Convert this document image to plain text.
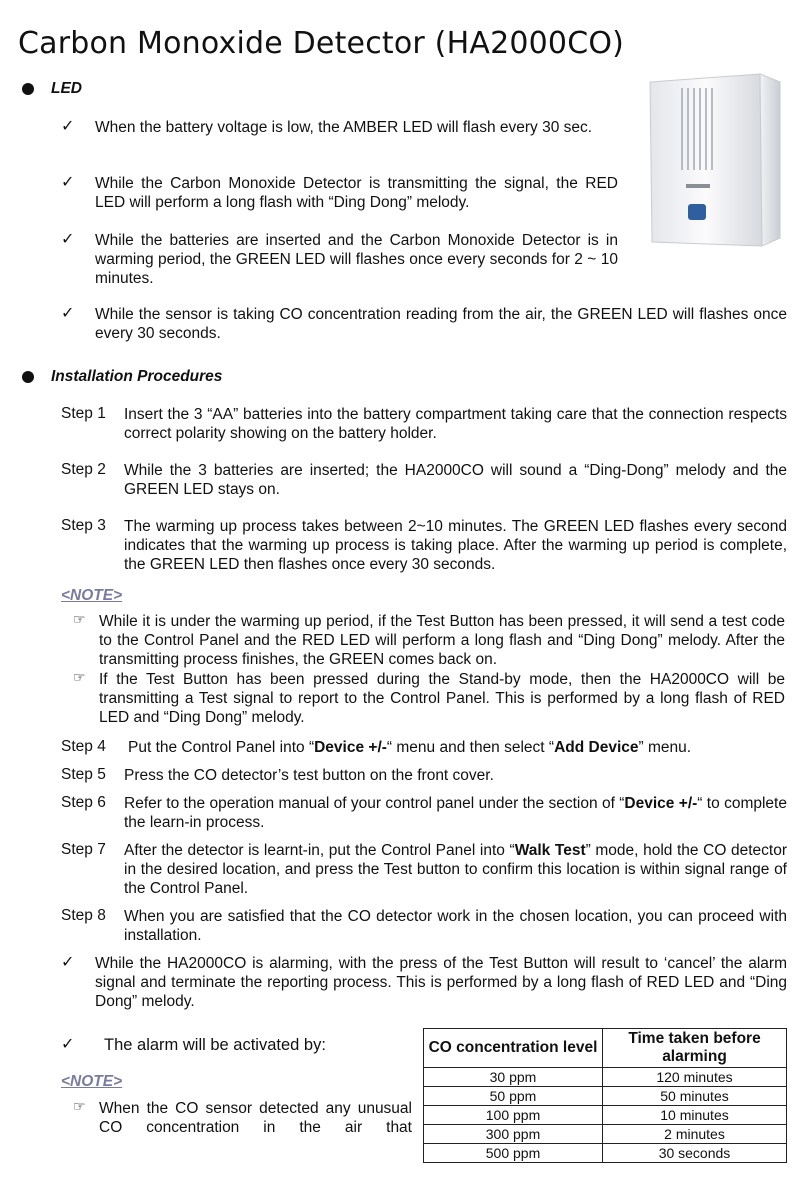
Carbon Monoxide Detector (HA2000CO)
LED
✓ When the battery voltage is low, the AMBER LED will flash every 30 sec.

✓ While the Carbon Monoxide Detector is transmitting the signal, the RED LED will perform a long flash with “Ding Dong” melody.

✓ While the batteries are inserted and the Carbon Monoxide Detector is in warming period, the GREEN LED will flashes once every seconds for 2 ~ 10 minutes.

✓ While the sensor is taking CO concentration reading from the air, the GREEN LED will flashes once every 30 seconds.

Installation Procedures
Step 1 Insert the 3 “AA” batteries into the battery compartment taking care that the connection respects correct polarity showing on the battery holder.

Step 2 While the 3 batteries are inserted; the HA2000CO will sound a “Ding-Dong” melody and the GREEN LED stays on.

Step 3 The warming up process takes between 2~10 minutes. The GREEN LED flashes every second indicates that the warming up process is taking place. After the warming up period is complete, the GREEN LED then flashes once every 30 seconds.

<NOTE>
☞ While it is under the warming up period, if the Test Button has been pressed, it will send a test code to the Control Panel and the RED LED will perform a long flash and “Ding Dong” melody. After the transmitting process finishes, the GREEN comes back on.

☞ If the Test Button has been pressed during the Stand-by mode, then the HA2000CO will be transmitting a Test signal to report to the Control Panel. This is performed by a long flash of RED LED and “Ding Dong” melody.

Step 4 Put the Control Panel into “Device +/-“ menu and then select “Add Device” menu.

Step 5 Press the CO detector’s test button on the front cover.

Step 6 Refer to the operation manual of your control panel under the section of “Device +/-“ to complete the learn-in process.

Step 7 After the detector is learnt-in, put the Control Panel into “Walk Test” mode, hold the CO detector in the desired location, and press the Test button to confirm this location is within signal range of the Control Panel.

Step 8 When you are satisfied that the CO detector work in the chosen location, you can proceed with installation.

✓ While the HA2000CO is alarming, with the press of the Test Button will result to ‘cancel’ the alarm signal and terminate the reporting process. This is performed by a long flash of RED LED and “Ding Dong” melody.

✓ The alarm will be activated by:
<NOTE>
☞ When the CO sensor detected any unusual CO concentration in the air that

CO concentration level	Time taken before alarming
30 ppm	120 minutes
50 ppm	50 minutes
100 ppm	10 minutes
300 ppm	2 minutes
500 ppm	30 seconds
